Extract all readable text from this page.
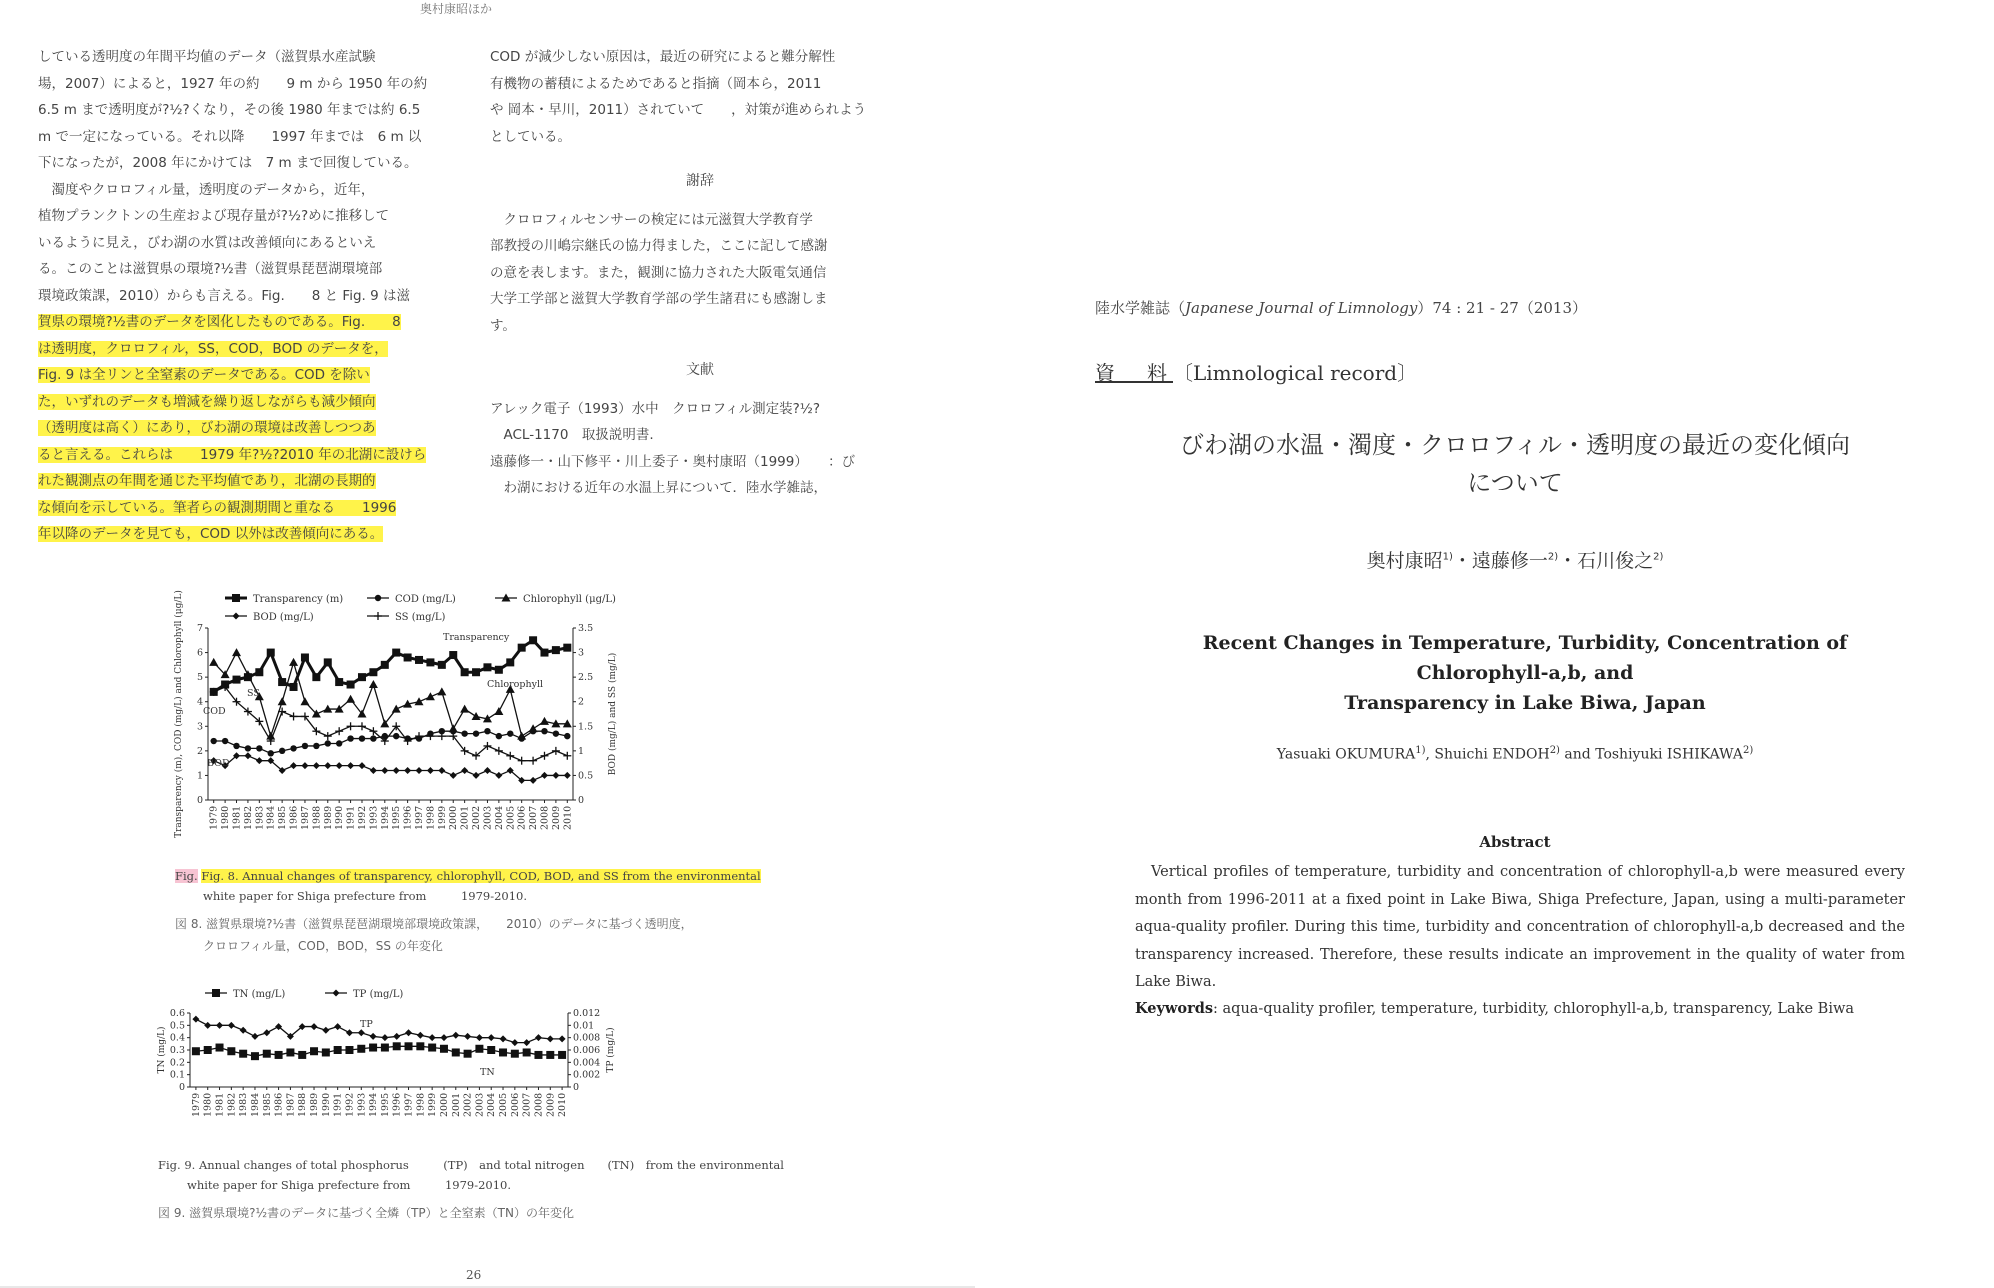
奥村康昭ほか
している透明度の年間平均値のデータ（滋賀県水産試験
場，2007）によると，1927 年の約　　9 m から 1950 年の約
6.5 m まで透明度が?½?くなり，その後 1980 年までは約 6.5
m で一定になっている。それ以降　　1997 年までは　6 m 以
下になったが，2008 年にかけては　7 m まで回復している。
　濁度やクロロフィル量，透明度のデータから，近年，
植物プランクトンの生産および現存量が?½?めに推移して
いるように見え，びわ湖の水質は改善傾向にあるといえ
る。このことは滋賀県の環境?½書（滋賀県琵琶湖環境部
環境政策課，2010）からも言える。Fig.　　8 と Fig. 9 は滋
賀県の環境?½書のデータを図化したものである。Fig.　　8
は透明度，クロロフィル，SS，COD，BOD のデータを，
Fig. 9 は全リンと全窒素のデータである。COD を除い
た，いずれのデータも増減を繰り返しながらも減少傾向
（透明度は高く）にあり，びわ湖の環境は改善しつつあ
ると言える。これらは　　1979 年?½?2010 年の北湖に設けら
れた観測点の年間を通じた平均値であり，北湖の長期的
な傾向を示している。筆者らの観測期間と重なる　　1996
年以降のデータを見ても，COD 以外は改善傾向にある。
COD が減少しない原因は，最近の研究によると難分解性
有機物の蓄積によるためであると指摘（岡本ら，2011
や 岡本・早川，2011）されていて　　，対策が進められよう
としている。

謝辞

　クロロフィルセンサーの検定には元滋賀大学教育学
部教授の川嶋宗継氏の協力得ました，ここに記して感謝
の意を表します。また，観測に協力された大阪電気通信
大学工学部と滋賀大学教育学部の学生諸君にも感謝しま
す。

文献

アレック電子（1993）水中　クロロフィル測定装?½?
　ACL-1170　取扱説明書.
遠藤修一・山下修平・川上委子・奥村康昭（1999）　　：び
　わ湖における近年の水温上昇について．陸水学雑誌，
0
1
2
3
4
5
6
7
0
0.5
1
1.5
2
2.5
3
3.5
1979 1980 1981 1982 1983 1984 1985 1986 1987 1988 1989 1990 1991 1992 1993 1994 1995 1996 1997 1998 1999 2000 2001 2002 2003 2004 2005 2006 2007 2008 2009 2010
Transparency (m), COD (mg/L) and Chlorophyll (μg/L)	BOD (mg/L) and SS (mg/L)
Transparency
COD
Chlorophyll
BOD
SS
Transparency (m)	COD (mg/L)	Chlorophyll (μg/L)
BOD (mg/L)	SS (mg/L)
Fig. Fig. 8. Annual changes of transparency, chlorophyll, COD, BOD, and SS from the environmental
white paper for Shiga prefecture from　　　1979-2010.
図 8. 滋賀県環境?½書（滋賀県琵琶湖環境部環境政策課，　　2010）のデータに基づく透明度，
クロロフィル量，COD，BOD，SS の年変化
0
0.1
0.2
0.3
0.4
0.5
0.6
0
0.002
0.004
0.006
0.008
0.01
0.012
1979 1980 1981 1982 1983 1984 1985 1986 1987 1988 1989 1990 1991 1992 1993 1994 1995 1996 1997 1998 1999 2000 2001 2002 2003 2004 2005 2006 2007 2008 2009 2010
TN (mg/L)	TP (mg/L)
TN
TP
TN (mg/L)	TP (mg/L)
Fig. 9. Annual changes of total phosphorus　　　(TP)　and total nitrogen　　(TN)　from the environmental
white paper for Shiga prefecture from　　　1979-2010.
図 9. 滋賀県環境?½書のデータに基づく全燐（TP）と全窒素（TN）の年変化
26
陸水学雑誌（Japanese Journal of Limnology）74 : 21 - 27（2013）
資　料〔Limnological record〕
びわ湖の水温・濁度・クロロフィル・透明度の最近の変化傾向
について
奥村康昭$^{1)}$・遠藤修一$^{2)}$・石川俊之$^{2)}$
Recent Changes in Temperature, Turbidity, Concentration of Chlorophyll-a,b, and
Transparency in Lake Biwa, Japan
Yasuaki OKUMURA$^{1)}$, Shuichi ENDOH$^{2)}$ and Toshiyuki ISHIKAWA$^{2)}$
Abstract
Vertical profiles of temperature, turbidity and concentration of chlorophyll-a,b were measured every month from 1996-2011 at a fixed point in Lake Biwa, Shiga Prefecture, Japan, using a multi-parameter aqua-quality profiler. During this time, turbidity and concentration of chlorophyll-a,b decreased and the transparency increased. Therefore, these results indicate an improvement in the quality of water from Lake Biwa.
Keywords: aqua-quality profiler, temperature, turbidity, chlorophyll-a,b, transparency, Lake Biwa
